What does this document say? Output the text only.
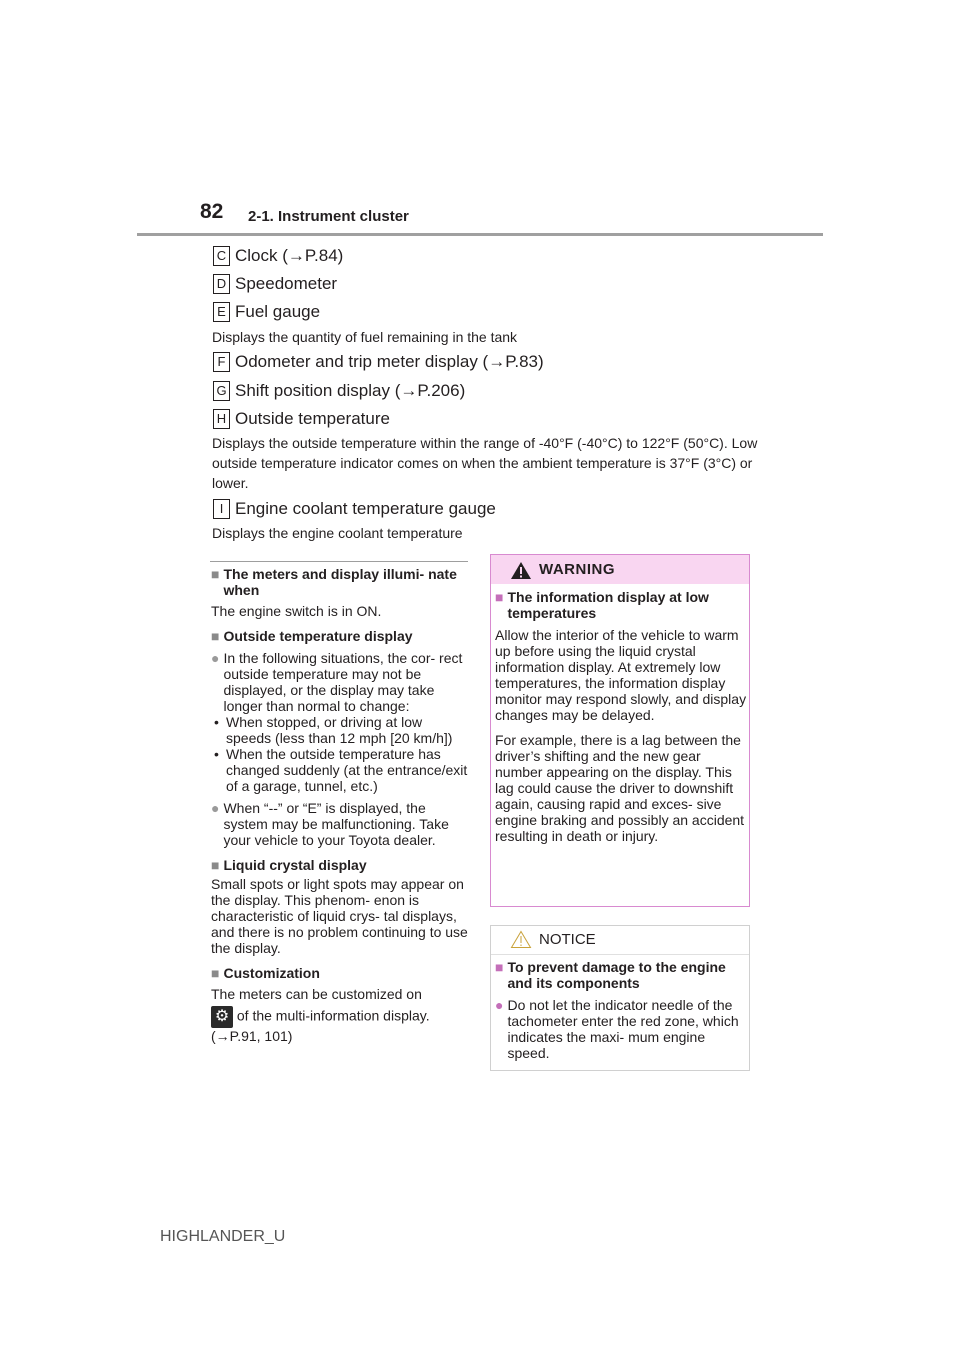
82 2-1. Instrument cluster
C Clock (→P.84)
D Speedometer
E Fuel gauge
Displays the quantity of fuel remaining in the tank
F Odometer and trip meter display (→P.83)
G Shift position display (→P.206)
H Outside temperature
Displays the outside temperature within the range of -40°F (-40°C) to 122°F (50°C). Low outside temperature indicator comes on when the ambient temperature is 37°F (3°C) or lower.
I Engine coolant temperature gauge
Displays the engine coolant temperature

■ The meters and display illumi- nate when

The engine switch is in ON.

■ Outside temperature display

● In the following situations, the cor- rect outside temperature may not be displayed, or the display may take longer than normal to change:

• When stopped, or driving at low speeds (less than 12 mph [20 km/h])

• When the outside temperature has changed suddenly (at the entrance/exit of a garage, tunnel, etc.)

● When “--” or “E” is displayed, the system may be malfunctioning. Take your vehicle to your Toyota dealer.

■ Liquid crystal display

Small spots or light spots may appear on the display. This phenom- enon is characteristic of liquid crys- tal displays, and there is no problem continuing to use the display.

■ Customization

The meters can be customized on

⚙ of the multi-information display.

(→P.91, 101)

WARNING

■ The information display at low temperatures

Allow the interior of the vehicle to warm up before using the liquid crystal information display. At extremely low temperatures, the information display monitor may respond slowly, and display changes may be delayed.

For example, there is a lag between the driver’s shifting and the new gear number appearing on the display. This lag could cause the driver to downshift again, causing rapid and exces- sive engine braking and possibly an accident resulting in death or injury.

NOTICE

■ To prevent damage to the engine and its components

● Do not let the indicator needle of the tachometer enter the red zone, which indicates the maxi- mum engine speed.

HIGHLANDER_U
